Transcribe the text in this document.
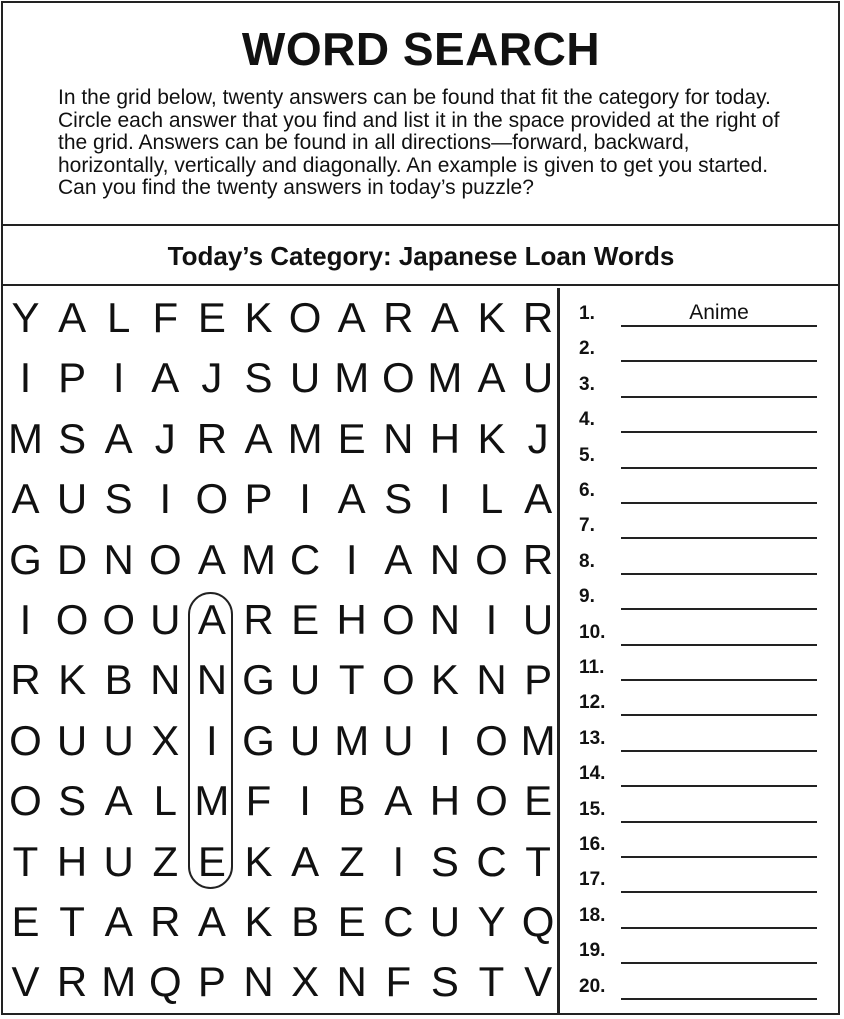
WORD SEARCH
In the grid below, twenty answers can be found that fit the category for today. Circle each answer that you find and list it in the space provided at the right of the grid. Answers can be found in all directions—forward, backward, horizontally, vertically and diagonally. An example is given to get you started. Can you find the twenty answers in today’s puzzle?
Today’s Category: Japanese Loan Words
Y A L F E K O A R A K R
I P I A J S U M O M A U
M S A J R A M E N H K J
A U S I O P I A S I L A
G D N O A M C I A N O R
I O O U A R E H O N I U
R K B N N G U T O K N P
O U U X I G U M U I O M
O S A L M F I B A H O E
T H U Z E K A Z I S C T
E T A R A K B E C U Y Q
V R M Q P N X N F S T V
1.	Anime
2.
3.
4.
5.
6.
7.
8.
9.
10.
11.
12.
13.
14.
15.
16.
17.
18.
19.
20.
